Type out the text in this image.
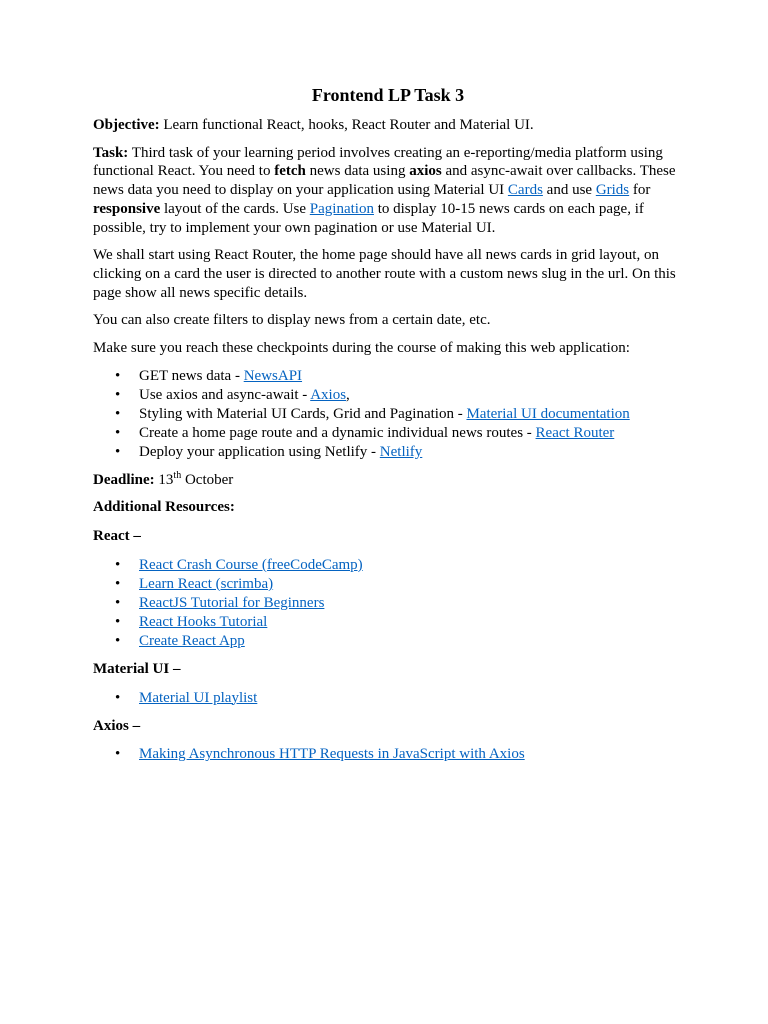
Frontend LP Task 3

Objective: Learn functional React, hooks, React Router and Material UI.

Task: Third task of your learning period involves creating an e-reporting/media platform using functional React. You need to fetch news data using axios and async-await over callbacks. These news data you need to display on your application using Material UI Cards and use Grids for responsive layout of the cards. Use Pagination to display 10-15 news cards on each page, if possible, try to implement your own pagination or use Material UI.

We shall start using React Router, the home page should have all news cards in grid layout, on clicking on a card the user is directed to another route with a custom news slug in the url. On this page show all news specific details.

You can also create filters to display news from a certain date, etc.

Make sure you reach these checkpoints during the course of making this web application:

• GET news data - NewsAPI
• Use axios and async-await - Axios,
• Styling with Material UI Cards, Grid and Pagination - Material UI documentation
• Create a home page route and a dynamic individual news routes - React Router
• Deploy your application using Netlify - Netlify

Deadline: 13th October

Additional Resources:

React –

• React Crash Course (freeCodeCamp)
• Learn React (scrimba)
• ReactJS Tutorial for Beginners
• React Hooks Tutorial
• Create React App

Material UI –

• Material UI playlist

Axios –

• Making Asynchronous HTTP Requests in JavaScript with Axios
